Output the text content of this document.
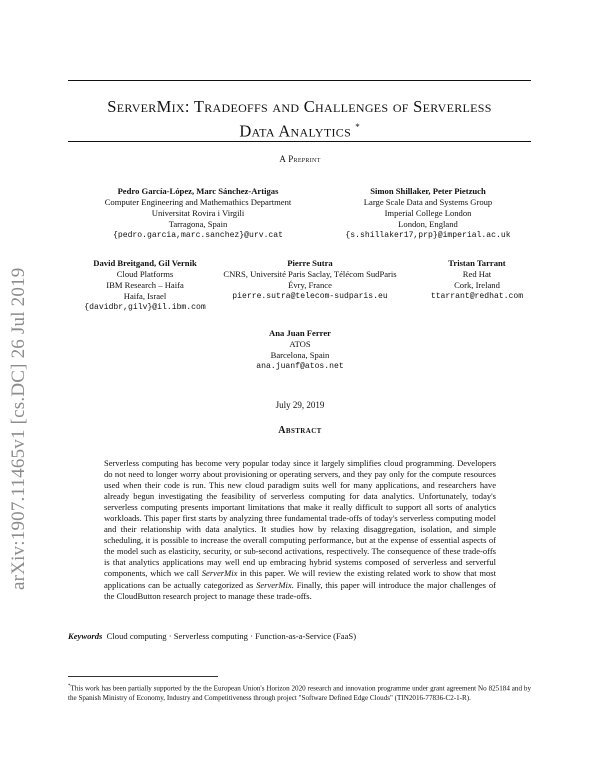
arXiv:1907.11465v1 [cs.DC] 26 Jul 2019
ServerMix: Tradeoffs and Challenges of Serverless
Data Analytics *
A Preprint
Pedro García-López, Marc Sánchez-Artigas
Computer Engineering and Mathemathics Department
Universitat Rovira i Virgili
Tarragona, Spain
{pedro.garcia,marc.sanchez}@urv.cat
Simon Shillaker, Peter Pietzuch
Large Scale Data and Systems Group
Imperial College London
London, England
{s.shillaker17,prp}@imperial.ac.uk
David Breitgand, Gil Vernik
Cloud Platforms
IBM Research – Haifa
Haifa, Israel
{davidbr,gilv}@il.ibm.com
Pierre Sutra
CNRS, Université Paris Saclay, Télécom SudParis
Évry, France
pierre.sutra@telecom-sudparis.eu
Tristan Tarrant
Red Hat
Cork, Ireland
ttarrant@redhat.com
Ana Juan Ferrer
ATOS
Barcelona, Spain
ana.juanf@atos.net
July 29, 2019
Abstract
Serverless computing has become very popular today since it largely simplifies cloud programming. Developers do not need to longer worry about provisioning or operating servers, and they pay only for the compute resources used when their code is run. This new cloud paradigm suits well for many applications, and researchers have already begun investigating the feasibility of serverless computing for data analytics. Unfortunately, today's serverless computing presents important limitations that make it really difficult to support all sorts of analytics workloads. This paper first starts by analyzing three fundamental trade-offs of today's serverless computing model and their relationship with data analytics. It studies how by relaxing disaggregation, isolation, and simple scheduling, it is possible to increase the overall computing performance, but at the expense of essential aspects of the model such as elasticity, security, or sub-second activations, respectively. The consequence of these trade-offs is that analytics applications may well end up embracing hybrid systems composed of serverless and serverful components, which we call ServerMix in this paper. We will review the existing related work to show that most applications can be actually categorized as ServerMix. Finally, this paper will introduce the major challenges of the CloudButton research project to manage these trade-offs.
Keywords Cloud computing · Serverless computing · Function-as-a-Service (FaaS)
*This work has been partially supported by the the European Union's Horizon 2020 research and innovation programme under grant agreement No 825184 and by the Spanish Ministry of Economy, Industry and Competitiveness through project "Software Defined Edge Clouds" (TIN2016-77836-C2-1-R).
